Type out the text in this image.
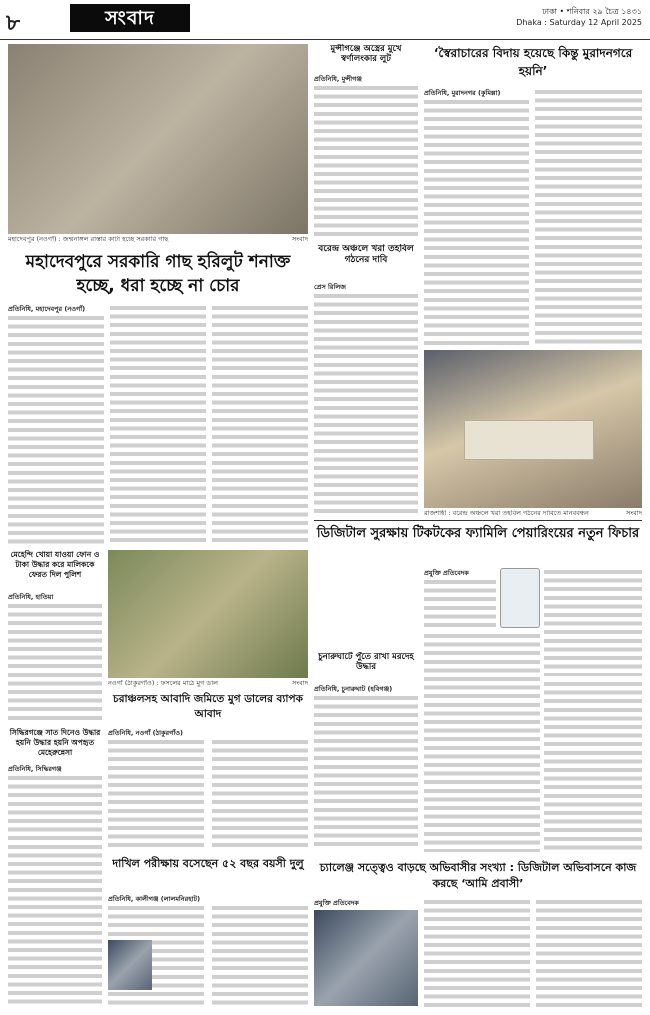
৮	সংবাদ	ঢাকা • শনিবার ২৯ চৈত্র ১৪৩১
Dhaka : Saturday 12 April 2025
মহাদেবপুর (নওগাঁ) : জন্মনাঙ্গল রাস্তার কাটা হচ্ছে সরকারি গাছ	সংবাদ
মহাদেবপুরে সরকারি গাছ হরিলুট শনাক্ত হচ্ছে, ধরা হচ্ছে না চোর
প্রতিনিধি, মহাদেবপুর (নওগাঁ)
মুন্সীগঞ্জে অস্ত্রের মুখে স্বর্ণালংকার লুট
প্রতিনিধি, মুন্সীগঞ্জ
বরেন্দ্র অঞ্চলে খরা তহবিল গঠনের দাবি
প্রেস রিলিজ
‘স্বৈরাচারের বিদায় হয়েছে কিন্তু মুরাদনগরে হয়নি’
প্রতিনিধি, মুরাদনগর (কুমিল্লা)
রাজশাহী : বরেন্দ্র অঞ্চলে খরা তহবিল গঠনের দাবিতে মানববন্ধন	সংবাদ
মেহেন্দি খোয়া যাওয়া ফোন ও টাকা উদ্ধার করে মালিককে ফেরত দিল পুলিশ
প্রতিনিধি, হাতিয়া
সিদ্ধিরগঞ্জে সাত দিনেও উদ্ধার হয়নি উদ্ধার হয়নি অপহৃত মেহেরুন্নেসা
প্রতিনিধি, সিদ্ধিরগঞ্জ
নওগাঁ (ঠাকুরগাঁও) : ফসলের মাঠে মুগ ডাল	সংবাদ
চরাঞ্চলসহ আবাদি জমিতে মুগ ডালের ব্যাপক আবাদ
প্রতিনিধি, নওগাঁ (ঠাকুরগাঁও)
চুনারুঘাটে পুঁতে রাখা মরদেহ উদ্ধার
প্রতিনিধি, চুনারুঘাট (হবিগঞ্জ)
দাখিল পরীক্ষায় বসেছেন ৫২ বছর বয়সী দুলু
প্রতিনিধি, কালীগঞ্জ (লালমনিরহাট)
ডিজিটাল সুরক্ষায় টিকটকের ফ্যামিলি পেয়ারিংয়ের নতুন ফিচার
প্রযুক্তি প্রতিবেদক
চ্যালেঞ্জ সত্ত্বেও বাড়ছে অভিবাসীর সংখ্যা : ডিজিটাল অভিবাসনে কাজ করছে ‘আমি প্রবাসী’
প্রযুক্তি প্রতিবেদক
